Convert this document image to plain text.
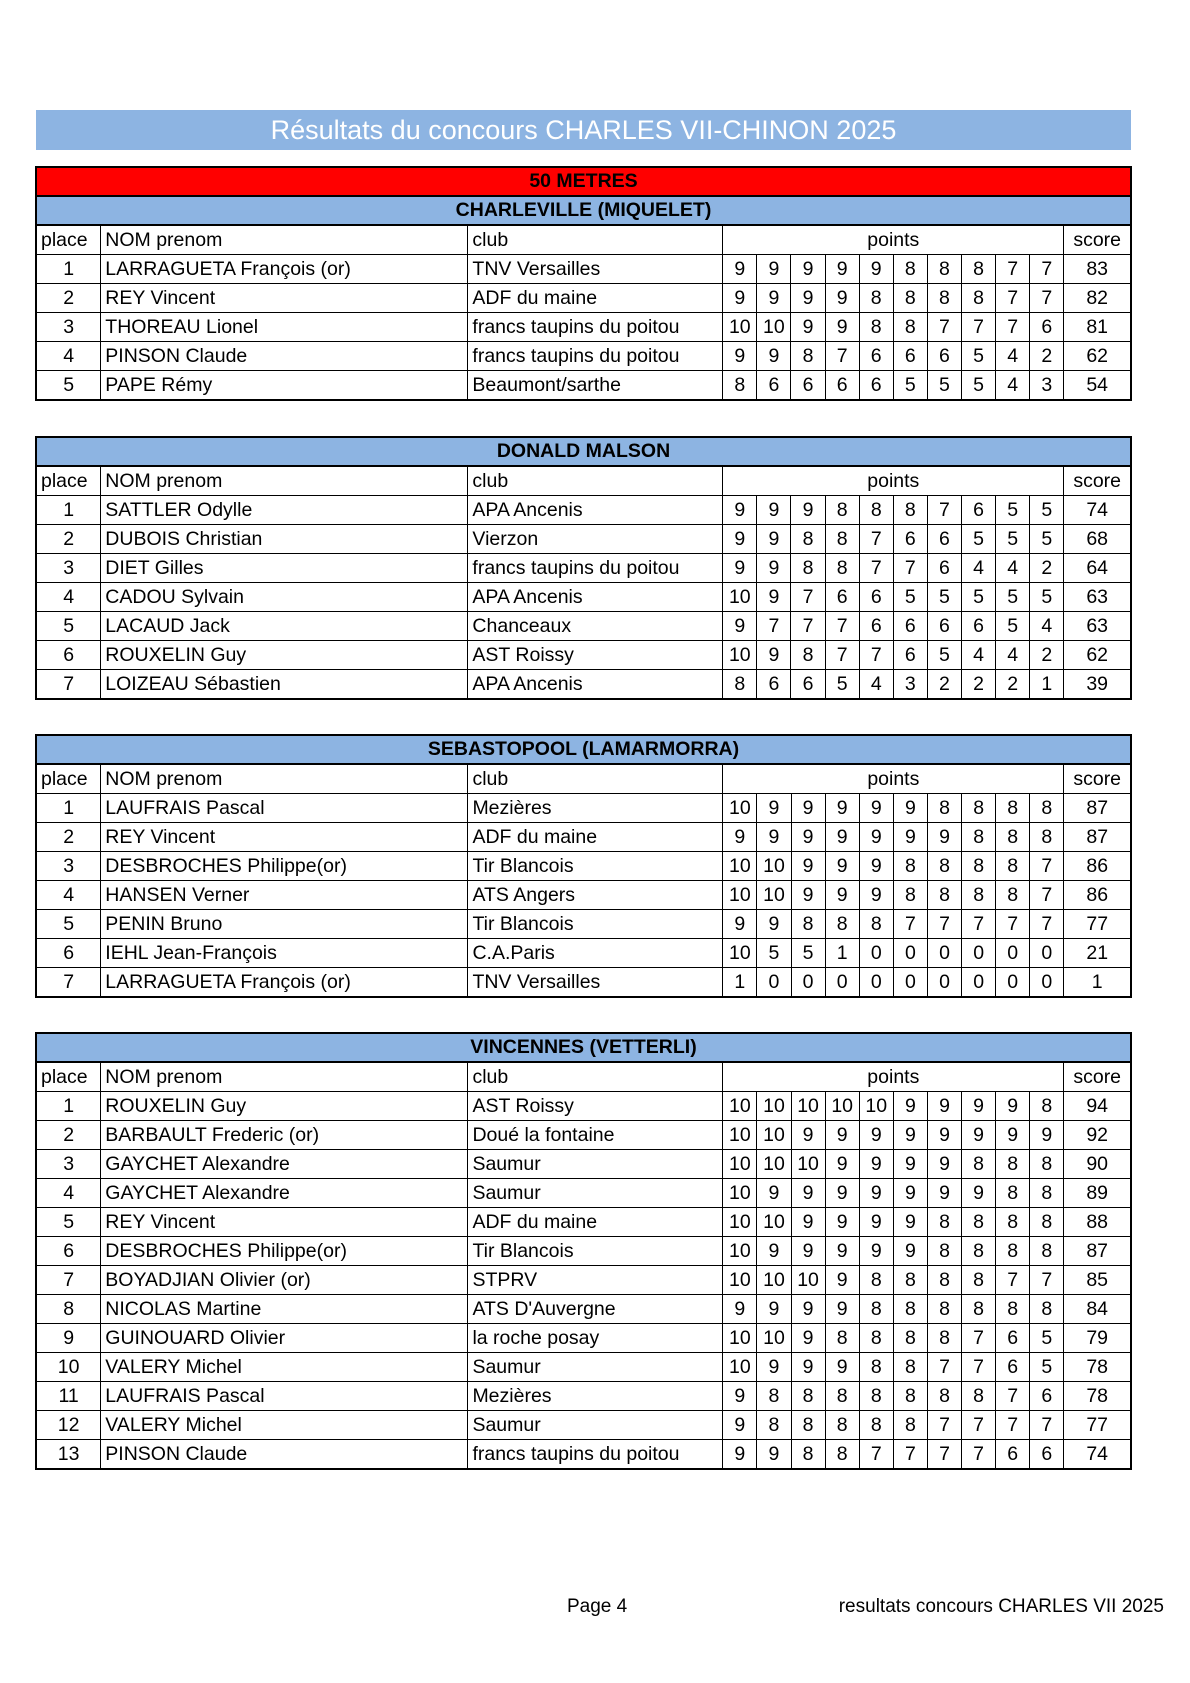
Résultats du concours CHARLES VII-CHINON 2025
50 METRES													
CHARLEVILLE (MIQUELET)													
place	NOM prenom	club	points										score
1	LARRAGUETA François (or)	TNV Versailles	9	9	9	9	9	8	8	8	7	7	83
2	REY Vincent	ADF du maine	9	9	9	9	8	8	8	8	7	7	82
3	THOREAU Lionel	francs taupins du poitou	10	10	9	9	8	8	7	7	7	6	81
4	PINSON Claude	francs taupins du poitou	9	9	8	7	6	6	6	5	4	2	62
5	PAPE Rémy	Beaumont/sarthe	8	6	6	6	6	5	5	5	4	3	54
DONALD MALSON													
place	NOM prenom	club	points										score
1	SATTLER Odylle	APA Ancenis	9	9	9	8	8	8	7	6	5	5	74
2	DUBOIS Christian	Vierzon	9	9	8	8	7	6	6	5	5	5	68
3	DIET Gilles	francs taupins du poitou	9	9	8	8	7	7	6	4	4	2	64
4	CADOU Sylvain	APA Ancenis	10	9	7	6	6	5	5	5	5	5	63
5	LACAUD Jack	Chanceaux	9	7	7	7	6	6	6	6	5	4	63
6	ROUXELIN Guy	AST Roissy	10	9	8	7	7	6	5	4	4	2	62
7	LOIZEAU Sébastien	APA Ancenis	8	6	6	5	4	3	2	2	2	1	39
SEBASTOPOOL (LAMARMORRA)													
place	NOM prenom	club	points										score
1	LAUFRAIS Pascal	Mezières	10	9	9	9	9	9	8	8	8	8	87
2	REY Vincent	ADF du maine	9	9	9	9	9	9	9	8	8	8	87
3	DESBROCHES Philippe(or)	Tir Blancois	10	10	9	9	9	8	8	8	8	7	86
4	HANSEN Verner	ATS Angers	10	10	9	9	9	8	8	8	8	7	86
5	PENIN Bruno	Tir Blancois	9	9	8	8	8	7	7	7	7	7	77
6	IEHL Jean-François	C.A.Paris	10	5	5	1	0	0	0	0	0	0	21
7	LARRAGUETA François (or)	TNV Versailles	1	0	0	0	0	0	0	0	0	0	1
VINCENNES (VETTERLI)													
place	NOM prenom	club	points										score
1	ROUXELIN Guy	AST Roissy	10	10	10	10	10	9	9	9	9	8	94
2	BARBAULT Frederic (or)	Doué la fontaine	10	10	9	9	9	9	9	9	9	9	92
3	GAYCHET Alexandre	Saumur	10	10	10	9	9	9	9	8	8	8	90
4	GAYCHET Alexandre	Saumur	10	9	9	9	9	9	9	9	8	8	89
5	REY Vincent	ADF du maine	10	10	9	9	9	9	8	8	8	8	88
6	DESBROCHES Philippe(or)	Tir Blancois	10	9	9	9	9	9	8	8	8	8	87
7	BOYADJIAN Olivier (or)	STPRV	10	10	10	9	8	8	8	8	7	7	85
8	NICOLAS Martine	ATS D'Auvergne	9	9	9	9	8	8	8	8	8	8	84
9	GUINOUARD Olivier	la roche posay	10	10	9	8	8	8	8	7	6	5	79
10	VALERY Michel	Saumur	10	9	9	9	8	8	7	7	6	5	78
11	LAUFRAIS Pascal	Mezières	9	8	8	8	8	8	8	8	7	6	78
12	VALERY Michel	Saumur	9	8	8	8	8	8	7	7	7	7	77
13	PINSON Claude	francs taupins du poitou	9	9	8	8	7	7	7	7	6	6	74
Page 4	resultats concours CHARLES VII 2025
